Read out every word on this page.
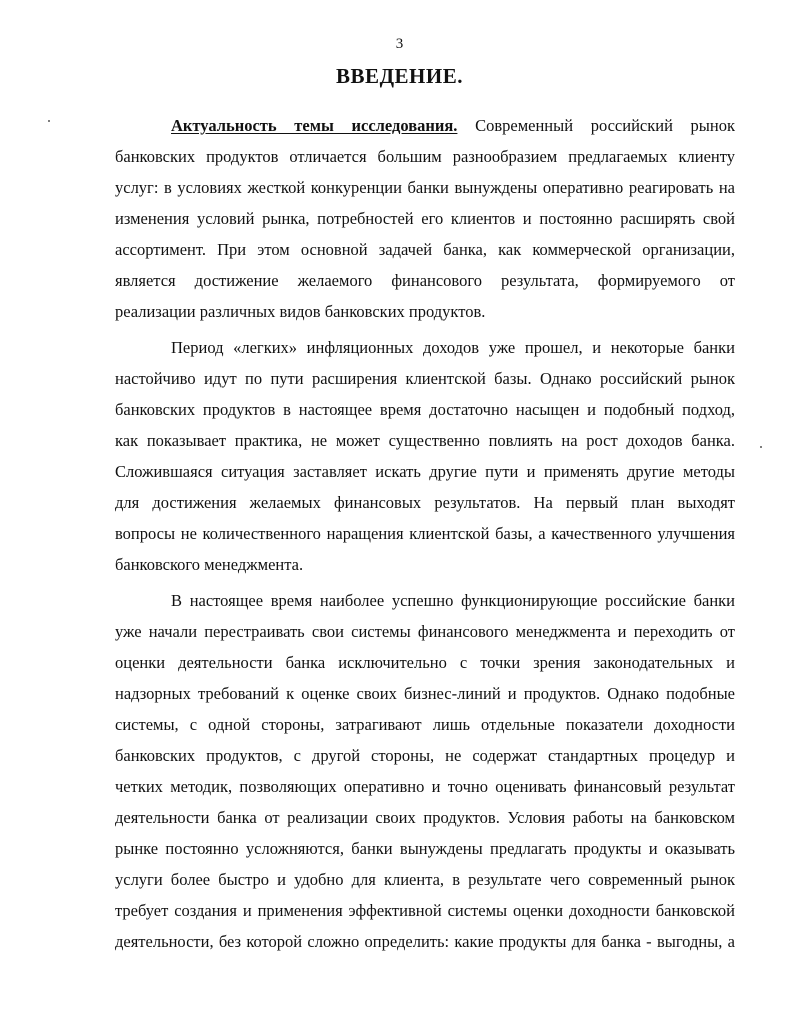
3
ВВЕДЕНИЕ.
Актуальность темы исследования. Современный российский рынок
банковских продуктов отличается большим разнообразием предлагаемых клиенту
услуг: в условиях жесткой конкуренции банки вынуждены оперативно реагировать на
изменения условий рынка, потребностей его клиентов и постоянно расширять свой
ассортимент. При этом основной задачей банка, как коммерческой организации,
является достижение желаемого финансового результата, формируемого от
реализации различных видов банковских продуктов.
Период «легких» инфляционных доходов уже прошел, и некоторые банки
настойчиво идут по пути расширения клиентской базы. Однако российский рынок
банковских продуктов в настоящее время достаточно насыщен и подобный подход,
как показывает практика, не может существенно повлиять на рост доходов банка.
Сложившаяся ситуация заставляет искать другие пути и применять другие методы
для достижения желаемых финансовых результатов. На первый план выходят
вопросы не количественного наращения клиентской базы, а качественного улучшения
банковского менеджмента.
В настоящее время наиболее успешно функционирующие российские банки
уже начали перестраивать свои системы финансового менеджмента и переходить от
оценки деятельности банка исключительно с точки зрения законодательных и
надзорных требований к оценке своих бизнес-линий и продуктов. Однако подобные
системы, с одной стороны, затрагивают лишь отдельные показатели доходности
банковских продуктов, с другой стороны, не содержат стандартных процедур и
четких методик, позволяющих оперативно и точно оценивать финансовый результат
деятельности банка от реализации своих продуктов. Условия работы на банковском
рынке постоянно усложняются, банки вынуждены предлагать продукты и оказывать
услуги более быстро и удобно для клиента, в результате чего современный рынок
требует создания и применения эффективной системы оценки доходности банковской
деятельности, без которой сложно определить: какие продукты для банка - выгодны, а
